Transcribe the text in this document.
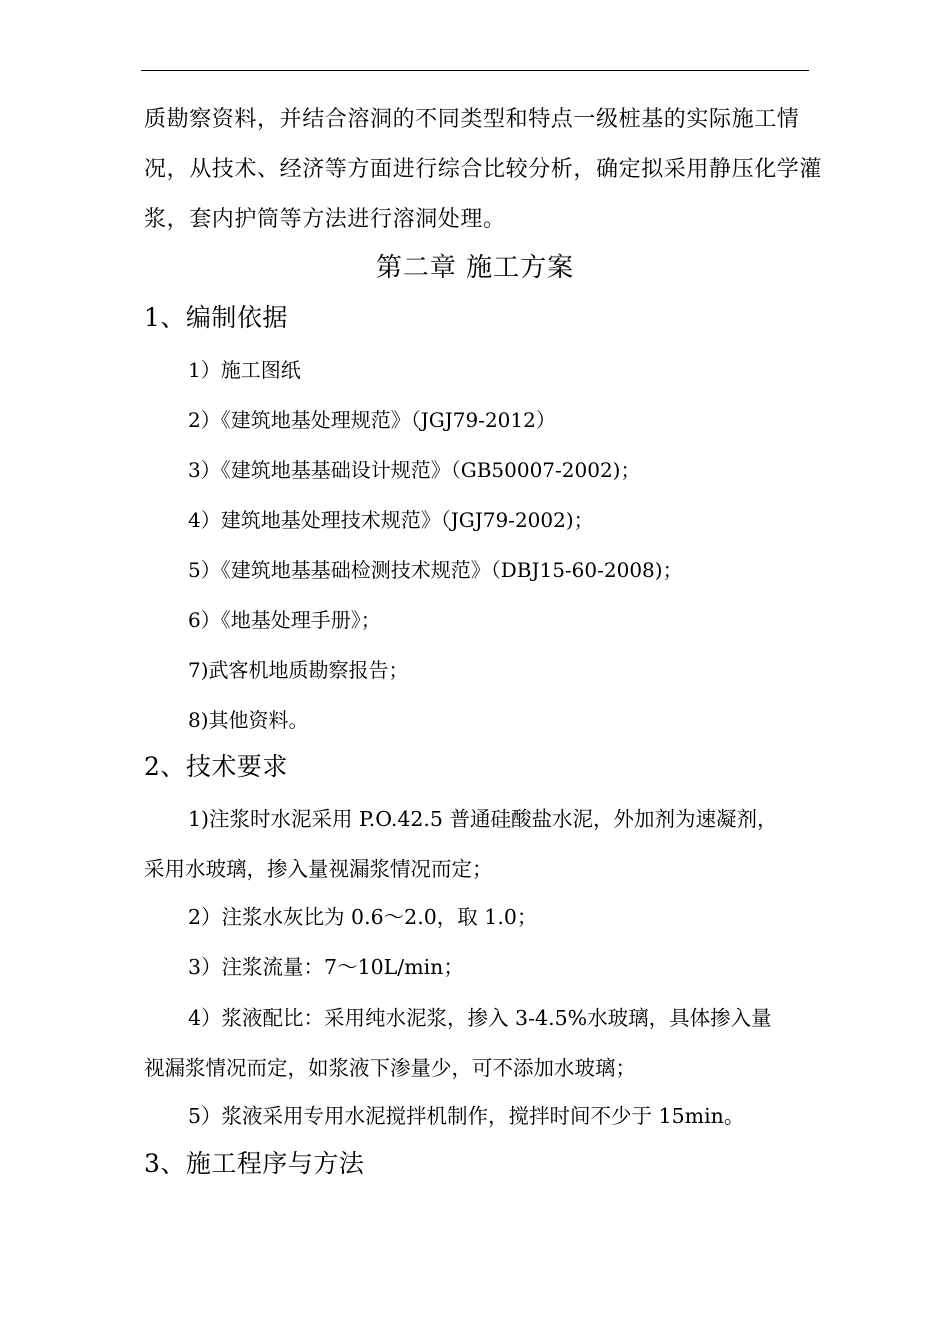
质勘察资料，并结合溶洞的不同类型和特点一级桩基的实际施工情
况，从技术、经济等方面进行综合比较分析，确定拟采用静压化学灌
浆，套内护筒等方法进行溶洞处理。
第二章 施工方案
1、编制依据
1）施工图纸
2）《建筑地基处理规范》（JGJ79-2012）
3）《建筑地基基础设计规范》（GB50007-2002)；
4）建筑地基处理技术规范》（JGJ79-2002)；
5）《建筑地基基础检测技术规范》（DBJ15-60-2008)；
6）《地基处理手册》；
7)武客机地质勘察报告；
8)其他资料。
2、技术要求
1)注浆时水泥采用 P.O.42.5 普通硅酸盐水泥，外加剂为速凝剂，
采用水玻璃，掺入量视漏浆情况而定；
2）注浆水灰比为 0.6～2.0，取 1.0；
3）注浆流量：7～10L/min；
4）浆液配比：采用纯水泥浆，掺入 3-4.5%水玻璃，具体掺入量
视漏浆情况而定，如浆液下渗量少，可不添加水玻璃；
5）浆液采用专用水泥搅拌机制作，搅拌时间不少于 15min。
3、施工程序与方法
